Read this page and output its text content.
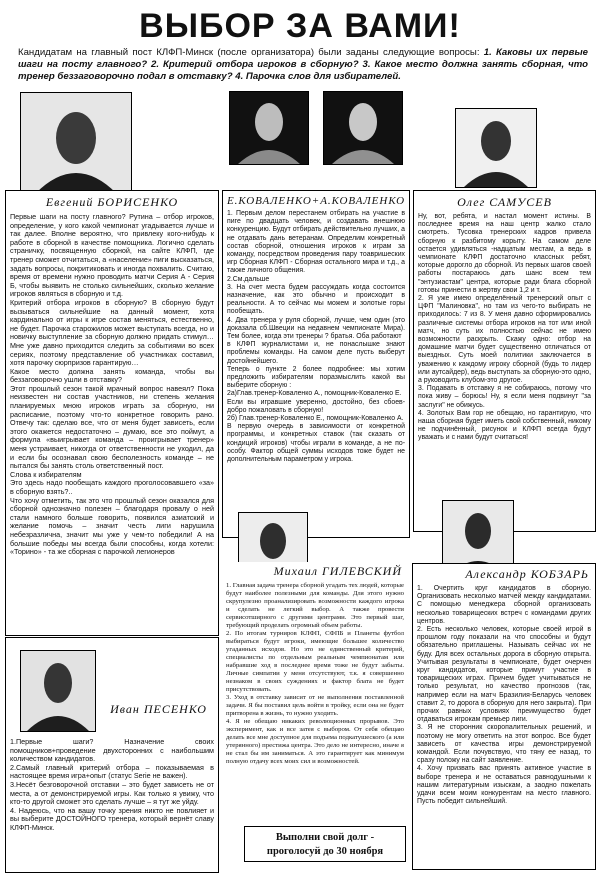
ВЫБОР ЗА ВАМИ!
Кандидатам на главный пост КЛФП-Минск (после организатора) были заданы следующие вопросы: 1. Каковы их первые шаги на посту главного? 2. Критерий отбора игроков в сборную? 3. Какое место должна занять сборная, что тренер беззаговорочно подал в отставку? 4. Парочка слов для избирателей.
Евгений БОРИСЕНКО
Первые шаги на посту главного? Рутина – отбор игроков, определение, у кого какой чемпионат угадывается лучше и так далее. Вполне вероятно, что привлеку кого-нибудь к работе в сборной в качестве помощника. Логично сделать страничку, посвященную сборной, на сайте КЛФП, где тренер сможет отчитаться, а «население» пиги высказаться, задать вопросы, покритиковать и иногда похвалить. Считаю, время от времени нужно проводить матчи Серия А - Серия Б, чтобы выявить не столько сильнейших, сколько желание игроков являться в сборную и т.д.
Критерий отбора игроков в сборную? В сборную будут вызываться сильнейшие на данный момент, хотя кардинально от игры к игре состав меняться, естественно, не будет. Парочка старожилов может выступать всегда, но и новичку выступление за сборную должно придать стимул… Мне уже давно приходится следить за событиями во всех сериях, поэтому представление об участниках составил, хотя парочку сюрпризов гарантирую…
Какое место должна занять команда, чтобы вы беззаговорочно ушли в отставку?
Этот прошлый сезон такой мрачный вопрос навеял? Пока неизвестен ни состав участников, ни степень желания планируемых мною игроков играть за сборную, ни расписание, поэтому что-то конкретное говорить рано. Отвечу так: сделаю все, что от меня будет зависеть, если этого окажется недостаточно – думаю, все это поймут, а формула «выигрывает команда – проигрывает тренер» меня устраивает, никогда от ответственности не уходил, да и если бы осознавал свою бесполезность команде – не пытался бы занять столь ответственный пост.
Слова к избирателям
Это здесь надо пообещать каждого проголосовавшего «за» в сборную взять?..
Что хочу отметить, так это что прошлый сезон оказался для сборной однозначно полезен – благодаря провалу о ней стали намного больше говорить, появился азиатский и желание помочь – значит честь лиги нарушила небезразлична, значит мы уже у чем-то победили! А на большие победы мы всегда были способны, когда хотели: «Торино» - та же сборная с парочкой легионеров
Е.КОВАЛЕНКО+А.КОВАЛЕНКО
1. Первым делом перестанем отбирать на участие в пиге по двадцать человек, и создавать внешнюю конкуренцию. Будут отбирать действительно лучших, а не отдавать дань ветеранам. Определим конкретный состав сборной, отношения игроков к играм за команду, посредством проведения пару тоавришеских игр Сборная КЛФП - Сборная остального мира и т.д., а также личного общения.
2.См.дальше
3. На счет места будем рассуждать когда состоится назначение, как это обычно и происходит в реальности. А то сейчас мы можем и золотые горы пообещать.
4. Два тренера у руля сборной, лучше, чем один (это доказала сб.Швеции на недавнем чемпионате Мира). Тем более, когда эти тренеры ? братья. Оба работают
в КЛФП журналистами и, не понаслышке знают проблемы команды. На самом деле пусть выберут достойнейшего.
Теперь о пункте 2 более подробнее: мы хотим предложить избирателям поразмыслить какой вы выберите сборную :
2а)Глав.тренер-Коваленко А., помощник-Коваленко Е.
Если вы игравшие уверенно, достойно, без сбоев-добро пожаловать в сборную!
2б) Глав.тренер-Коваленко Е., помощник-Коваленко А.
В первую очередь в зависимости от конкретной программы, и конкретных ставок (так сказать от кондиций игроков) чтобы играли в команде, а не по-особу. Фактор общей суммы исходов тоже будет не дополнительным параметром у игрока.
Олег САМУСЕВ
Ну, вот, ребята, и настал момент истины. В последнее время на наш центр жалко стало смотреть. Тусовка тренерских кадров привела сборную к разбитому корыту. На самом деле остается удивляться -надцатым местам, а ведь в чемпионате КЛФП достаточно классных ребят, которые дорогло до сборной. Из первых шагов своей работы постараюсь дать шанс всем тем "энтузиастам" центра, которые ради блага сборной готовы принести в жертву свои 1,2 и т.
2. Я уже имею определённый тренерский опыт с ЦФП "Малиновка", но там из чего-то выбирать не приходилось: 7 из 8. У меня давно сформировались различные системы отбора игроков на тот или иной матч, но суть их полностью сейчас не имею возможности раскрыть. Скажу одно: отбор на домашние матчи будет существенно отличаться от выездных. Суть моей политики заключается в уважению к каждому игроку сборной (будь то лидер или аутсайдер), ведь выступать за сборную-это одно, а руководить клубом-это другое.
3. Подавать в отставку я не собираюсь, потому что пока живу – борюсь! Ну, я если меня подвинут "за заслуги" не обижусь.
4. Золотых Вам гор не обещаю, но гарантирую, что наша сборная будет иметь свой собственный, никому не подчинённый, рисунок и КЛФП всегда будут уважать и с нами будут считаться!
Михаил ГИЛЕВСКИЙ
1. Главная задача тренера сборной угадать тех людей, которые будут наиболее полезными для команды. Для этого нужно скрупулезно проанализировать возможности каждого игрока и сделать не легкий выбор. А также провести сервисотширного с другими центрами. Это первый шаг, требующий проделать огромный объем работы.
2. По итогам турниров КЛФП, СФПБ и Планеты футбол выбираться будут игроки, имеющие большее количество угаданных исходов. Но это не единственный критерий, специалисты по отдельным реальным чемпионатам или набравшие ход в последнее время тоже не будут забыты. Личные симпатии у меня отсутствуют, т.к. я совершенно незнаком в своих суждениях и фактор блата не будет присутствовать.
3. Уход в отставку зависит от не выполнения поставленной задачи. Я бы поставил цель войти в тройку, если она не будет притворена в жизнь, то нужно уходить.
4. Я не обещаю никаких революционных прорывов. Это эксперимент, как и все затея с выбором. От себя обещаю делать все мне доступное для подъема подкатушеского (а или утерянного) престижа центра. Это дело не интересно, иначе я не стал бы им заниматься. А это гарантирует как минимум полную отдачу всех моих сил и возможностей.
Александр КОБЗАРЬ
1. Очертить круг кандидатов в сборную. Организовать несколько матчей между кандидатами. С помощью менеджера сборной организовать несколько товарищеских встреч с командами других центров.
2. Есть несколько человек, которые своей игрой в прошлом году показали на что способны и будут обязательно приглашены. Называть сейчас их не буду. Для всех остальных дорога в сборную открыта. Учитывая результаты в чемпионате, будет очерчен круг кандидатов, которые примут участие в товарищеских играх. Причем будет учитываться не только результат, но качество прогнозов (так, например если на матч Бразилия-Беларусь человек ставит 2, то дорога в сборную для него закрыта). При прочих равных условиях преимущество будет отдаваться игрокам премьер лиги.
3. Я не сторонник скоропалительных решений, и поэтому не могу ответить на этот вопрос. Все будет зависеть от качества игры демонстрируемой командой. Если почувствую, что тяну ее назад, то сразу положу на сайт заявление.
4. Хочу призвать вас принять активное участие в выборе тренера и не оставаться равнодушными к нашим литературным изыскам, а заодно пожелать удачи всем моим конкурентам на место главного. Пусть победит сильнейший.
Иван ПЕСЕНКО
1.Первые шаги? Назначение своих помощников+проведение двухсторонних с наибольшим количеством кандидатов.
2.Самый главный критерий отбора – показываемая в настоящее время игра+опыт (статус Serie не важен).
3.Несёт безговорочной отставки – это будет зависеть не от места, а от демонстрируемой игры. Как только я увижу, что кто-то другой сможет это сделать лучше – я тут же уйду.
4. Надеюсь, что на вашу точку зрения никто не повлияет и вы выберите ДОСТОЙНОГО тренера, который вернёт славу КЛФП-Минск.
Выполни свой долг -
проголосуй до 30 ноября
